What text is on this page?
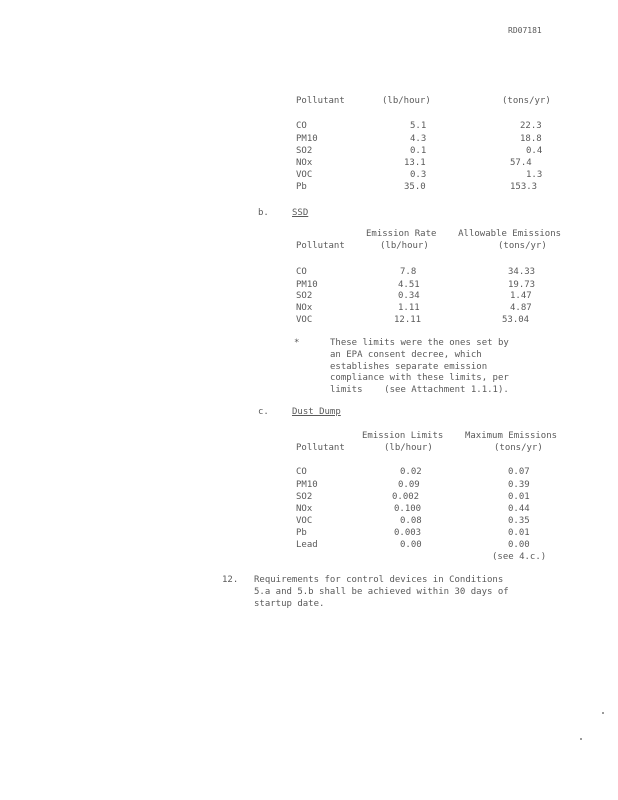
RD07181
Pollutant	(lb/hour)	(tons/yr)
CO	5.1	22.3
PM10	4.3	18.8
SO2	0.1	0.4
NOx	13.1	57.4
VOC	0.3	1.3
Pb	35.0	153.3
b.	SSD
Emission Rate    Allowable Emissions
Pollutant	(lb/hour)	(tons/yr)
CO	7.8	34.33
PM10	4.51	19.73
SO2	0.34	1.47
NOx	1.11	4.87
VOC	12.11	53.04
*	These limits were the ones set by
an EPA consent decree, which
establishes separate emission
compliance with these limits, per
limits    (see Attachment 1.1.1).
c.	Dust Dump
Emission Limits    Maximum Emissions
Pollutant	(lb/hour)	(tons/yr)
CO	0.02	0.07
PM10	0.09	0.39
SO2	0.002	0.01
NOx	0.100	0.44
VOC	0.08	0.35
Pb	0.003	0.01
Lead	0.00	0.00
(see 4.c.)
12. Requirements for control devices in Conditions
5.a and 5.b shall be achieved within 30 days of
startup date.
